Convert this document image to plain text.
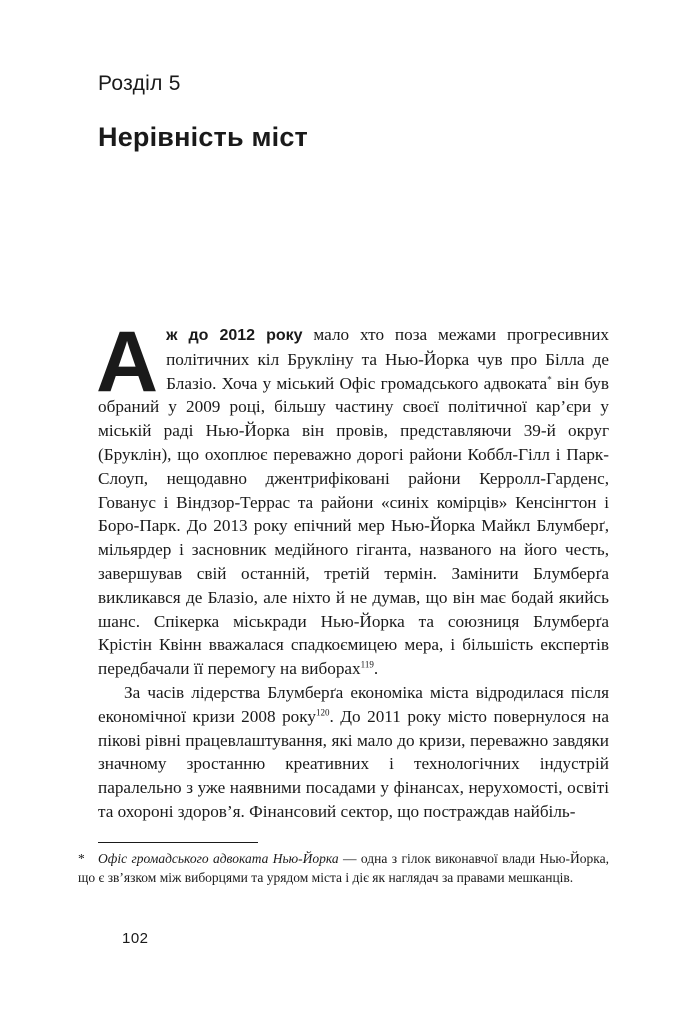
Розділ 5
Нерівність міст

Аж до 2012 року мало хто поза межами прогресивних політичних кіл Брукліну та Нью-Йорка чув про Білла де Блазіо. Хоча у міський Офіс громадського адвоката* він був обраний у 2009 році, більшу частину своєї політичної кар’єри у міській раді Нью-Йорка він провів, представляючи 39-й округ (Бруклін), що охоплює переважно дорогі райони Коббл-Гілл і Парк-Слоуп, нещодавно джентрифіковані райони Керролл-Гарденс, Гованус і Віндзор-Террас та райони «синіх комірців» Кенсінгтон і Боро-Парк. До 2013 року епічний мер Нью-Йорка Майкл Блумберґ, мільярдер і засновник медійного гіганта, названого на його честь, завершував свій останній, третій термін. Замінити Блумберґа викликався де Блазіо, але ніхто й не думав, що він має бодай якийсь шанс. Спікерка міськради Нью-Йорка та союзниця Блумберґа Крістін Квінн вважалася спадкоємицею мера, і більшість експертів передбачали її перемогу на виборах$^{119}$.

За часів лідерства Блумберґа економіка міста відродилася після економічної кризи 2008 року$^{120}$. До 2011 року місто повернулося на пікові рівні працевлаштування, які мало до кризи, переважно завдяки значному зростанню креативних і технологічних індустрій паралельно з уже наявними посадами у фінансах, нерухомості, освіті та охороні здоров’я. Фінансовий сектор, що постраждав найбіль-

* Офіс громадського адвоката Нью-Йорка — одна з гілок виконавчої влади Нью-Йорка, що є зв’язком між виборцями та урядом міста і діє як наглядач за правами мешканців.
102
